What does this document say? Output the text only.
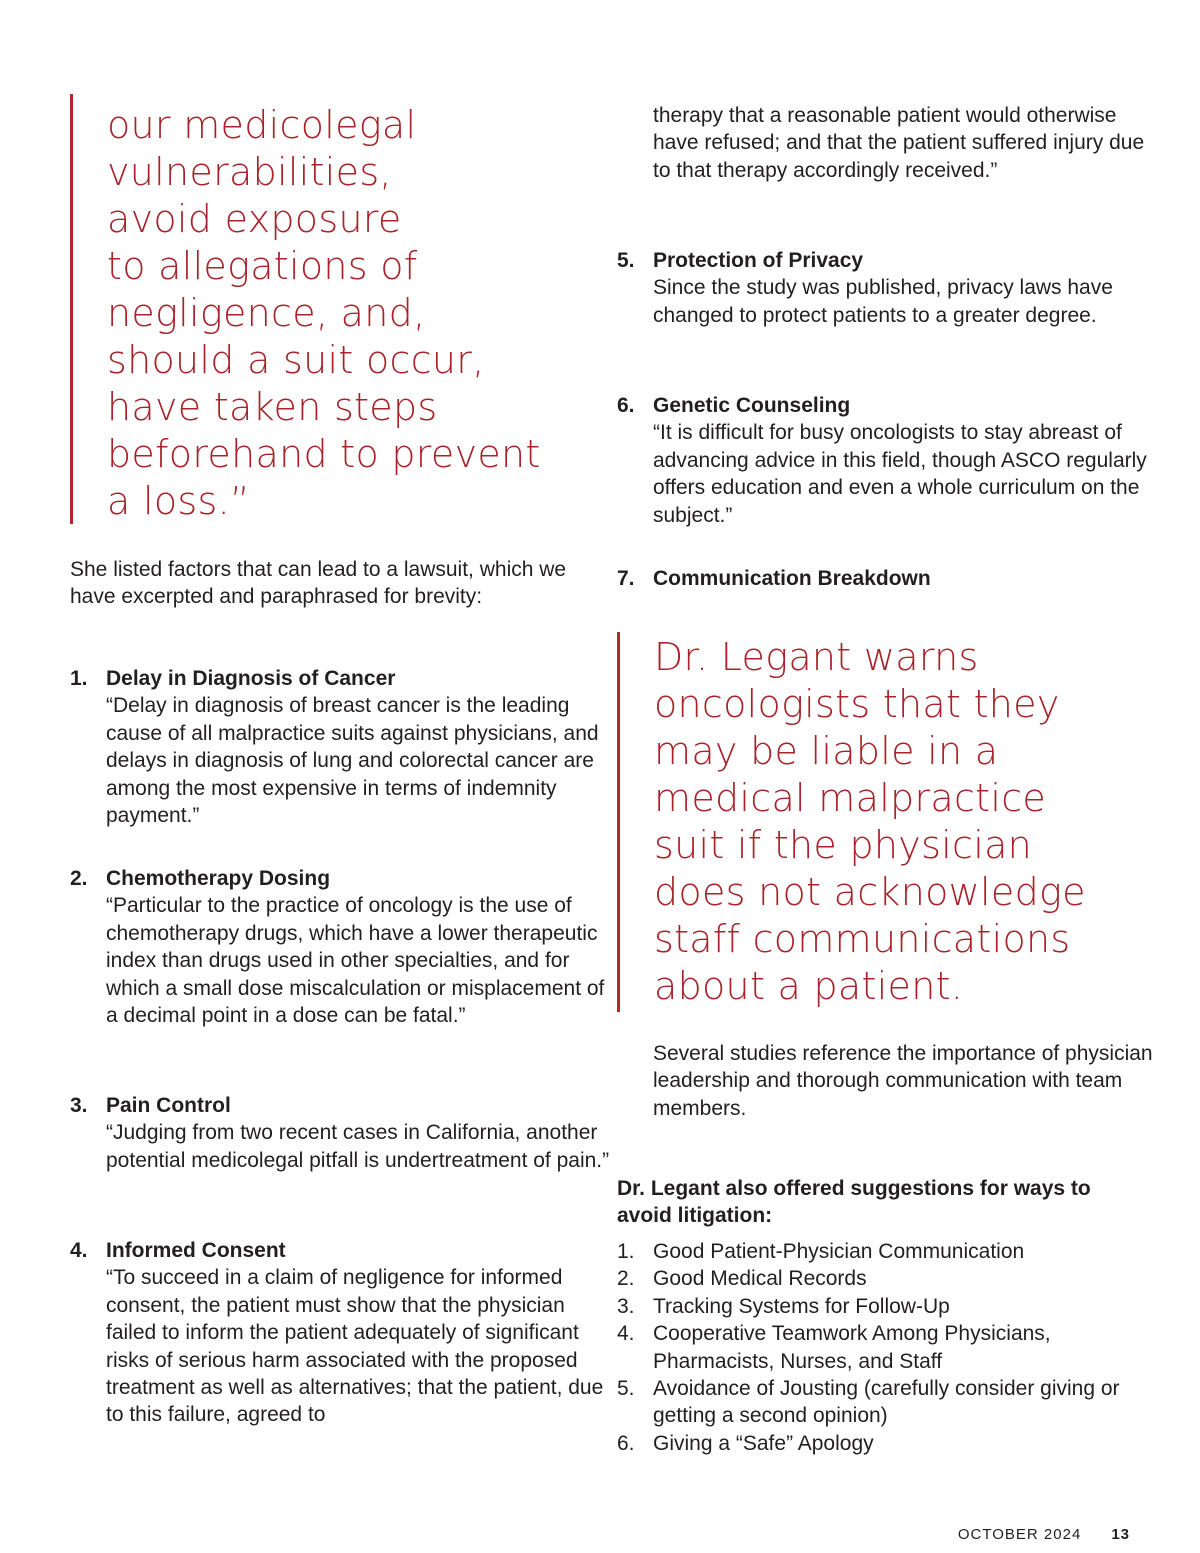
our medicolegal
vulnerabilities,
avoid exposure
to allegations of
negligence, and,
should a suit occur,
have taken steps
beforehand to prevent
a loss.”

She listed factors that can lead to a lawsuit, which we have excerpted and paraphrased for brevity:

1. Delay in Diagnosis of Cancer
“Delay in diagnosis of breast cancer is the leading cause of all malpractice suits against physicians, and delays in diagnosis of lung and colorectal cancer are among the most expensive in terms of indemnity payment.”
2. Chemotherapy Dosing
“Particular to the practice of oncology is the use of chemotherapy drugs, which have a lower therapeutic index than drugs used in other specialties, and for which a small dose miscalculation or misplacement of a decimal point in a dose can be fatal.”
3. Pain Control
“Judging from two recent cases in California, another potential medicolegal pitfall is undertreatment of pain.”
4. Informed Consent
“To succeed in a claim of negligence for informed consent, the patient must show that the physician failed to inform the patient adequately of significant risks of serious harm associated with the proposed treatment as well as alternatives; that the patient, due to this failure, agreed to

therapy that a reasonable patient would otherwise have refused; and that the patient suffered injury due to that therapy accordingly received.”

5. Protection of Privacy
Since the study was published, privacy laws have changed to protect patients to a greater degree.
6. Genetic Counseling
“It is difficult for busy oncologists to stay abreast of advancing advice in this field, though ASCO regularly offers education and even a whole curriculum on the subject.”
7. Communication Breakdown
Dr. Legant warns
oncologists that they
may be liable in a
medical malpractice
suit if the physician
does not acknowledge
staff communications
about a patient.

Several studies reference the importance of physician leadership and thorough communication with team members.

Dr. Legant also offered suggestions for ways to avoid litigation:

1. Good Patient-Physician Communication
2. Good Medical Records
3. Tracking Systems for Follow-Up
4. Cooperative Teamwork Among Physicians, Pharmacists, Nurses, and Staff
5. Avoidance of Jousting (carefully consider giving or getting a second opinion)
6. Giving a “Safe” Apology
OCTOBER 2024 13
